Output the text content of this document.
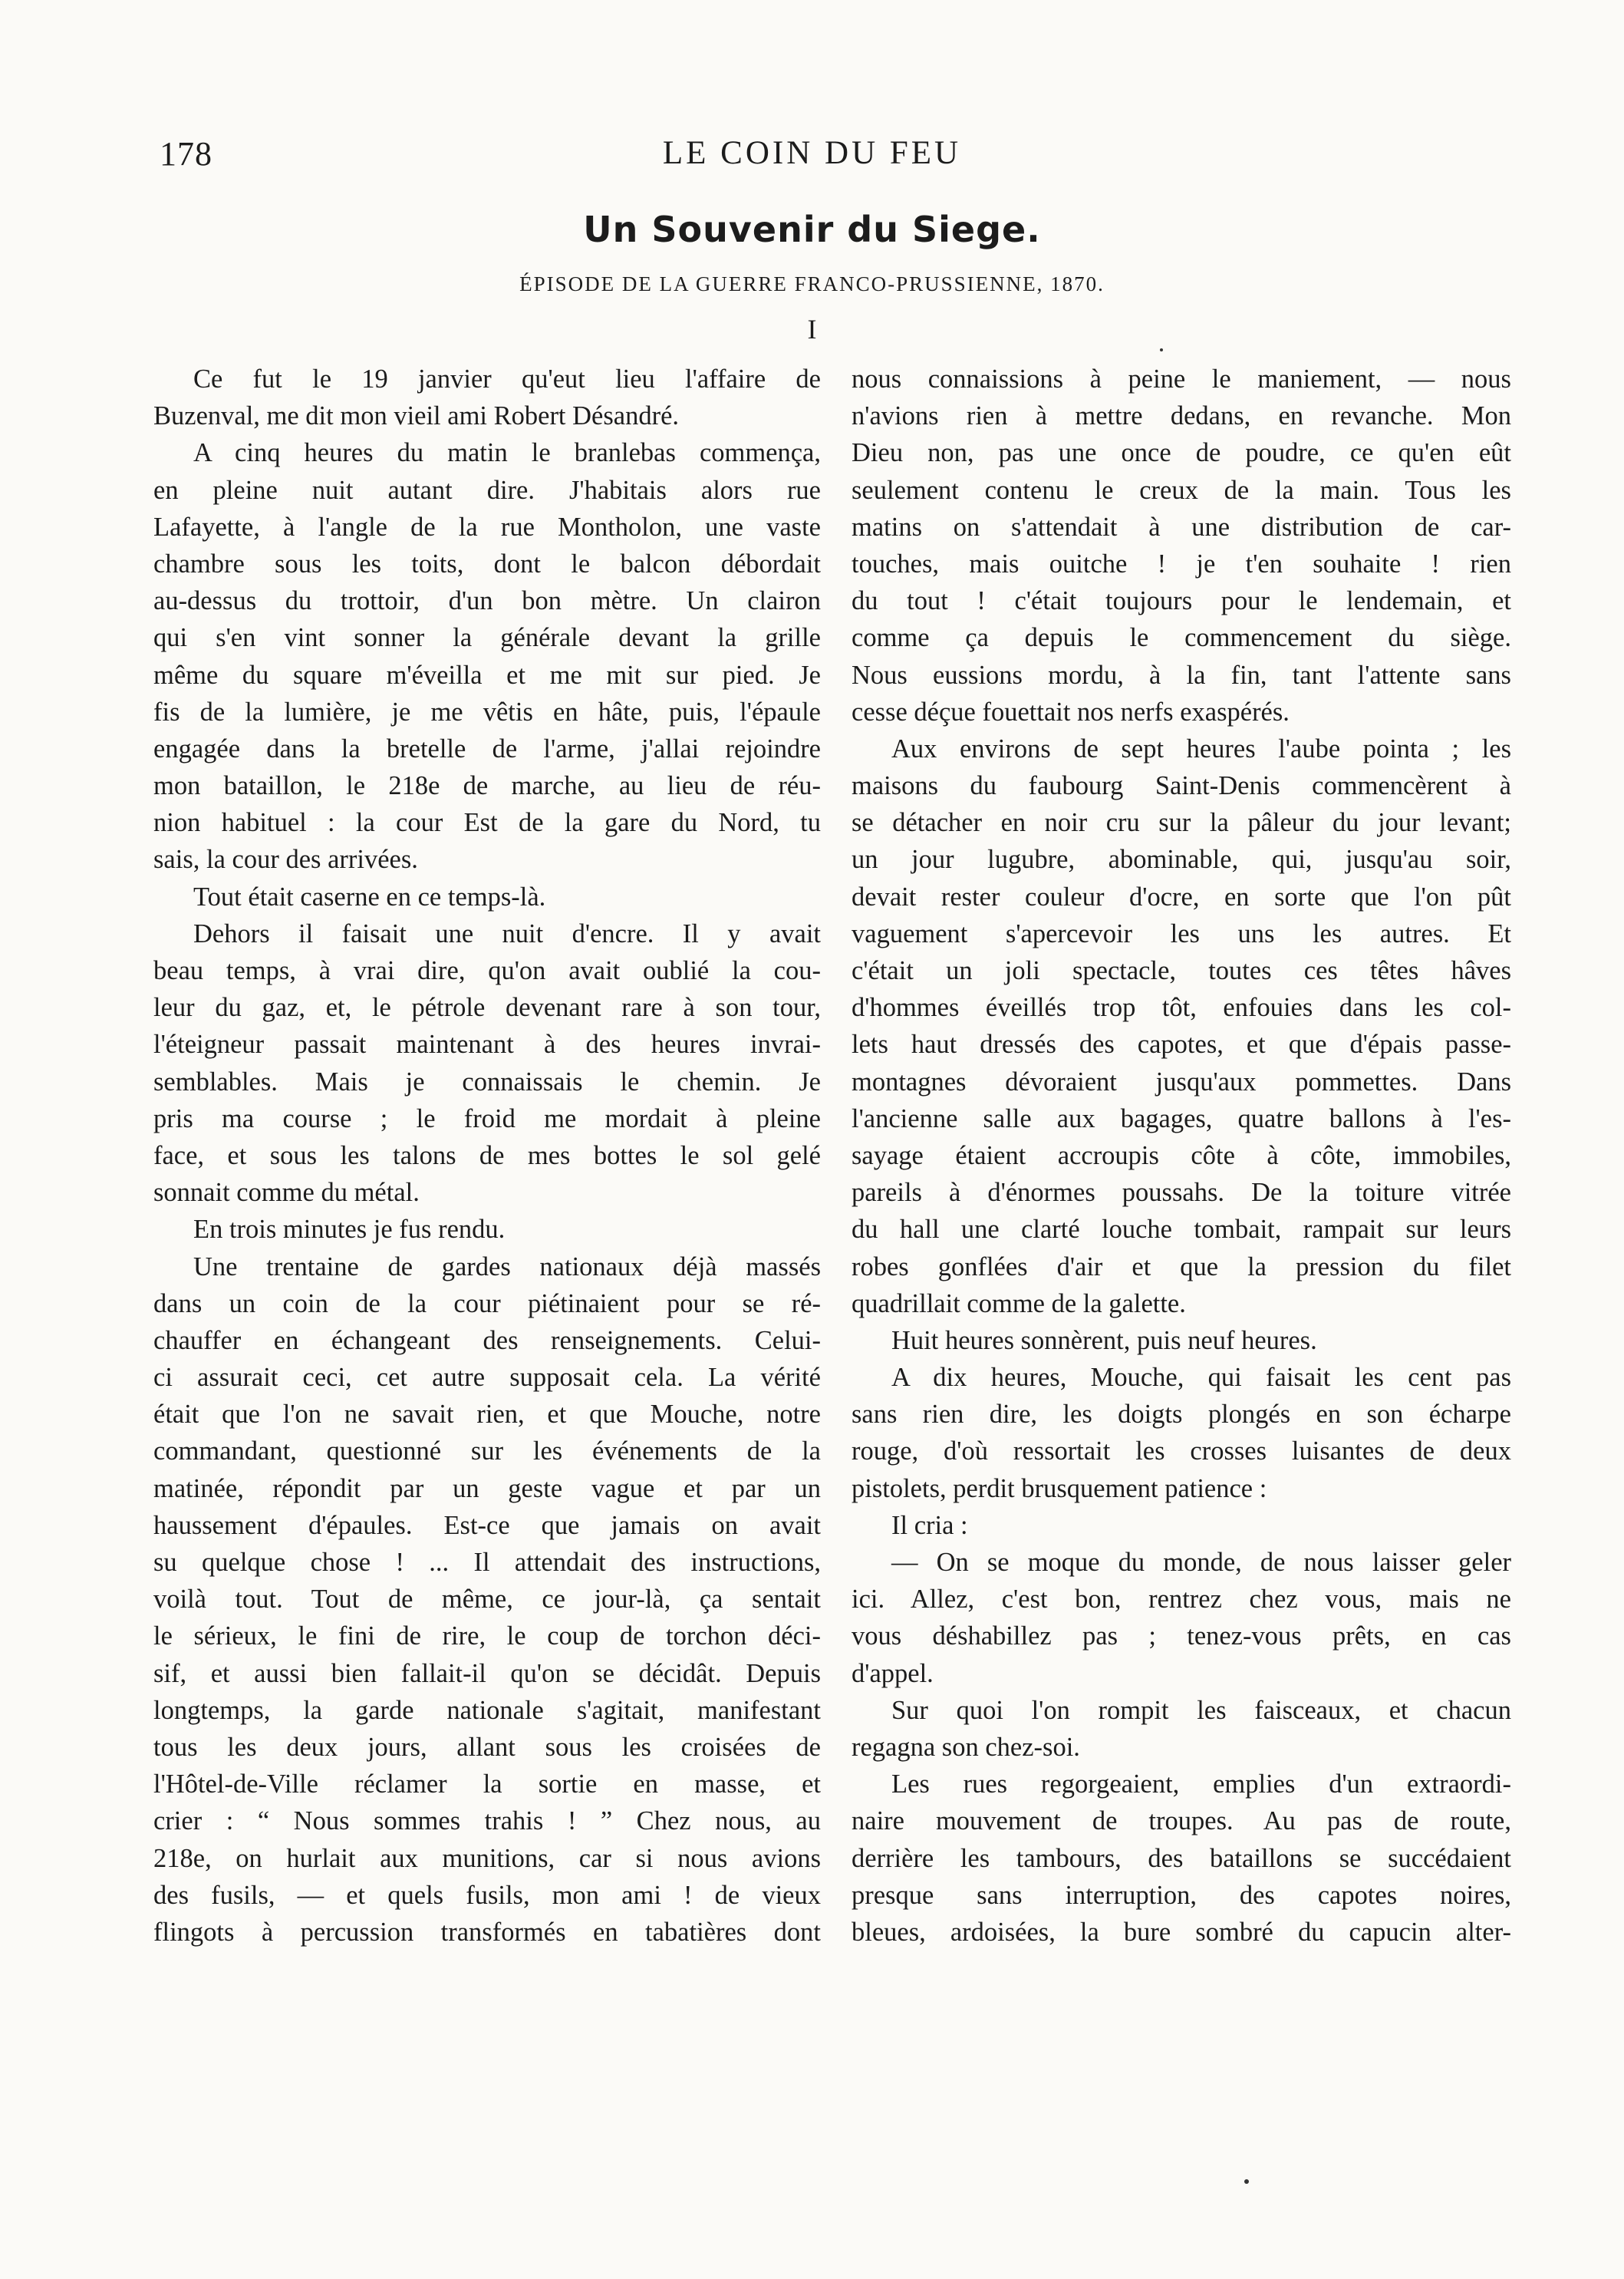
178	LE COIN DU FEU
Un Souvenir du Siege.
ÉPISODE DE LA GUERRE FRANCO-PRUSSIENNE, 1870.
I
Ce fut le 19 janvier qu'eut lieu l'affaire de
Buzenval, me dit mon vieil ami Robert Désandré.
A cinq heures du matin le branlebas commença,
en pleine nuit autant dire. J'habitais alors rue
Lafayette, à l'angle de la rue Montholon, une vaste
chambre sous les toits, dont le balcon débordait
au-dessus du trottoir, d'un bon mètre. Un clairon
qui s'en vint sonner la générale devant la grille
même du square m'éveilla et me mit sur pied. Je
fis de la lumière, je me vêtis en hâte, puis, l'épaule
engagée dans la bretelle de l'arme, j'allai rejoindre
mon bataillon, le 218e de marche, au lieu de réu-
nion habituel : la cour Est de la gare du Nord, tu
sais, la cour des arrivées.
Tout était caserne en ce temps-là.
Dehors il faisait une nuit d'encre. Il y avait
beau temps, à vrai dire, qu'on avait oublié la cou-
leur du gaz, et, le pétrole devenant rare à son tour,
l'éteigneur passait maintenant à des heures invrai-
semblables. Mais je connaissais le chemin. Je
pris ma course ; le froid me mordait à pleine
face, et sous les talons de mes bottes le sol gelé
sonnait comme du métal.
En trois minutes je fus rendu.
Une trentaine de gardes nationaux déjà massés
dans un coin de la cour piétinaient pour se ré-
chauffer en échangeant des renseignements. Celui-
ci assurait ceci, cet autre supposait cela. La vérité
était que l'on ne savait rien, et que Mouche, notre
commandant, questionné sur les événements de la
matinée, répondit par un geste vague et par un
haussement d'épaules. Est-ce que jamais on avait
su quelque chose ! ... Il attendait des instructions,
voilà tout. Tout de même, ce jour-là, ça sentait
le sérieux, le fini de rire, le coup de torchon déci-
sif, et aussi bien fallait-il qu'on se décidât. Depuis
longtemps, la garde nationale s'agitait, manifestant
tous les deux jours, allant sous les croisées de
l'Hôtel-de-Ville réclamer la sortie en masse, et
crier : “ Nous sommes trahis ! ” Chez nous, au
218e, on hurlait aux munitions, car si nous avions
des fusils, — et quels fusils, mon ami ! de vieux
flingots à percussion transformés en tabatières dont
nous connaissions à peine le maniement, — nous
n'avions rien à mettre dedans, en revanche. Mon
Dieu non, pas une once de poudre, ce qu'en eût
seulement contenu le creux de la main. Tous les
matins on s'attendait à une distribution de car-
touches, mais ouitche ! je t'en souhaite ! rien
du tout ! c'était toujours pour le lendemain, et
comme ça depuis le commencement du siège.
Nous eussions mordu, à la fin, tant l'attente sans
cesse déçue fouettait nos nerfs exaspérés.
Aux environs de sept heures l'aube pointa ; les
maisons du faubourg Saint-Denis commencèrent à
se détacher en noir cru sur la pâleur du jour levant;
un jour lugubre, abominable, qui, jusqu'au soir,
devait rester couleur d'ocre, en sorte que l'on pût
vaguement s'apercevoir les uns les autres. Et
c'était un joli spectacle, toutes ces têtes hâves
d'hommes éveillés trop tôt, enfouies dans les col-
lets haut dressés des capotes, et que d'épais passe-
montagnes dévoraient jusqu'aux pommettes. Dans
l'ancienne salle aux bagages, quatre ballons à l'es-
sayage étaient accroupis côte à côte, immobiles,
pareils à d'énormes poussahs. De la toiture vitrée
du hall une clarté louche tombait, rampait sur leurs
robes gonflées d'air et que la pression du filet
quadrillait comme de la galette.
Huit heures sonnèrent, puis neuf heures.
A dix heures, Mouche, qui faisait les cent pas
sans rien dire, les doigts plongés en son écharpe
rouge, d'où ressortait les crosses luisantes de deux
pistolets, perdit brusquement patience :
Il cria :
— On se moque du monde, de nous laisser geler
ici. Allez, c'est bon, rentrez chez vous, mais ne
vous déshabillez pas ; tenez-vous prêts, en cas
d'appel.
Sur quoi l'on rompit les faisceaux, et chacun
regagna son chez-soi.
Les rues regorgeaient, emplies d'un extraordi-
naire mouvement de troupes. Au pas de route,
derrière les tambours, des bataillons se succédaient
presque sans interruption, des capotes noires,
bleues, ardoisées, la bure sombré du capucin alter-
